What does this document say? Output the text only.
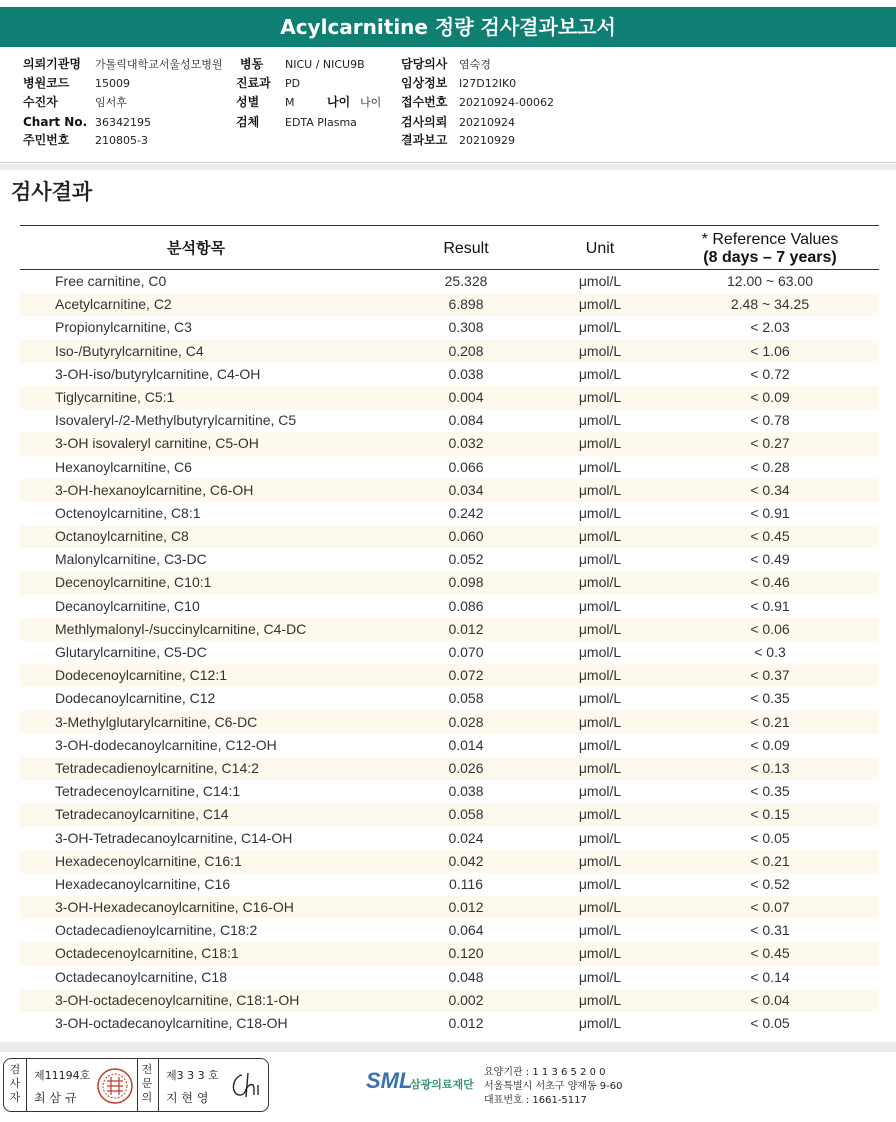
Acylcarnitine 정량 검사결과보고서
의뢰기관명 가톨릭대학교서울성모병원 병동 NICU / NICU9B	담당의사 염숙경
병원코드 15009	진료과 PD	임상정보 I27D12IK0
수진자	임서후	성별 M	나이 나이 접수번호 20210924-00062
Chart No. 36342195	검체 EDTA Plasma	검사의뢰 20210924
주민번호 210805-3	결과보고 20210929
검사결과
분석항목	Result	Unit
* Reference Values
(8 days – 7 years)
Free carnitine, C0	25.328	μmol/L	12.00 ~ 63.00
Acetylcarnitine, C2	6.898	μmol/L	2.48 ~ 34.25
Propionylcarnitine, C3	0.308	μmol/L	< 2.03
Iso-/Butyrylcarnitine, C4	0.208	μmol/L	< 1.06
3-OH-iso/butyrylcarnitine, C4-OH	0.038	μmol/L	< 0.72
Tiglycarnitine, C5:1	0.004	μmol/L	< 0.09
Isovaleryl-/2-Methylbutyrylcarnitine, C5	0.084	μmol/L	< 0.78
3-OH isovaleryl carnitine, C5-OH	0.032	μmol/L	< 0.27
Hexanoylcarnitine, C6	0.066	μmol/L	< 0.28
3-OH-hexanoylcarnitine, C6-OH	0.034	μmol/L	< 0.34
Octenoylcarnitine, C8:1	0.242	μmol/L	< 0.91
Octanoylcarnitine, C8	0.060	μmol/L	< 0.45
Malonylcarnitine, C3-DC	0.052	μmol/L	< 0.49
Decenoylcarnitine, C10:1	0.098	μmol/L	< 0.46
Decanoylcarnitine, C10	0.086	μmol/L	< 0.91
Methlymalonyl-/succinylcarnitine, C4-DC	0.012	μmol/L	< 0.06
Glutarylcarnitine, C5-DC	0.070	μmol/L	< 0.3
Dodecenoylcarnitine, C12:1	0.072	μmol/L	< 0.37
Dodecanoylcarnitine, C12	0.058	μmol/L	< 0.35
3-Methylglutarylcarnitine, C6-DC	0.028	μmol/L	< 0.21
3-OH-dodecanoylcarnitine, C12-OH	0.014	μmol/L	< 0.09
Tetradecadienoylcarnitine, C14:2	0.026	μmol/L	< 0.13
Tetradecenoylcarnitine, C14:1	0.038	μmol/L	< 0.35
Tetradecanoylcarnitine, C14	0.058	μmol/L	< 0.15
3-OH-Tetradecanoylcarnitine, C14-OH	0.024	μmol/L	< 0.05
Hexadecenoylcarnitine, C16:1	0.042	μmol/L	< 0.21
Hexadecanoylcarnitine, C16	0.116	μmol/L	< 0.52
3-OH-Hexadecanoylcarnitine, C16-OH	0.012	μmol/L	< 0.07
Octadecadienoylcarnitine, C18:2	0.064	μmol/L	< 0.31
Octadecenoylcarnitine, C18:1	0.120	μmol/L	< 0.45
Octadecanoylcarnitine, C18	0.048	μmol/L	< 0.14
3-OH-octadecenoylcarnitine, C18:1-OH	0.002	μmol/L	< 0.04
3-OH-octadecanoylcarnitine, C18-OH	0.012	μmol/L	< 0.05
검사자
제11194호
최 삼 규
전문의
제3 3 3 호
지 현 영
SML
삼광의료재단
요양기관 : 1 1 3 6 5 2 0 0
서울특별시 서초구 양재동 9-60
대표번호 : 1661-5117
